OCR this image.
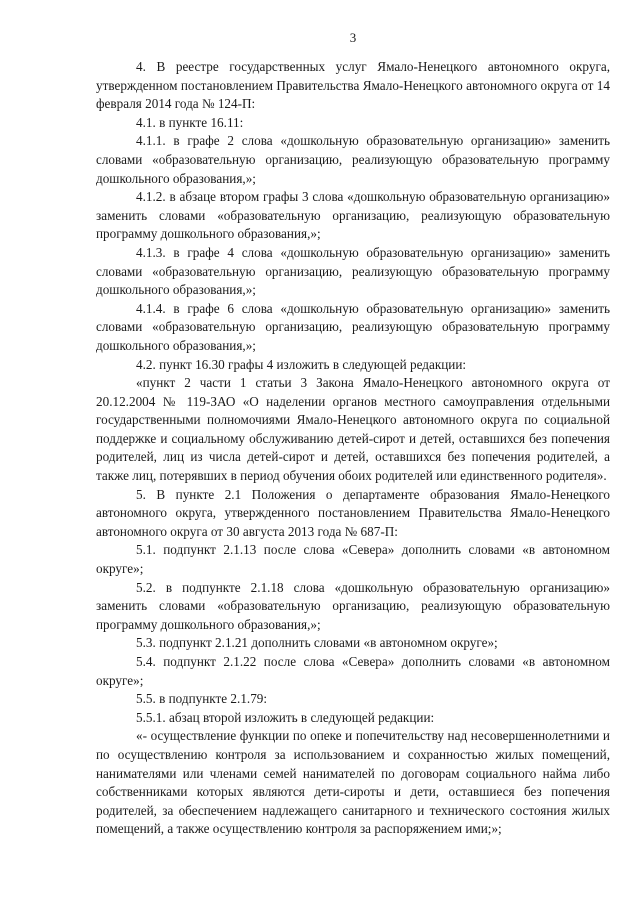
3

4. В реестре государственных услуг Ямало-Ненецкого автономного округа, утвержденном постановлением Правительства Ямало-Ненецкого автономного округа от 14 февраля 2014 года № 124-П:

4.1. в пункте 16.11:

4.1.1. в графе 2 слова «дошкольную образовательную организацию» заменить словами «образовательную организацию, реализующую образовательную программу дошкольного образования,»;

4.1.2. в абзаце втором графы 3 слова «дошкольную образовательную организацию» заменить словами «образовательную организацию, реализующую образовательную программу дошкольного образования,»;

4.1.3. в графе 4 слова «дошкольную образовательную организацию» заменить словами «образовательную организацию, реализующую образовательную программу дошкольного образования,»;

4.1.4. в графе 6 слова «дошкольную образовательную организацию» заменить словами «образовательную организацию, реализующую образовательную программу дошкольного образования,»;

4.2. пункт 16.30 графы 4 изложить в следующей редакции:

«пункт 2 части 1 статьи 3 Закона Ямало-Ненецкого автономного округа от 20.12.2004 № 119-ЗАО «О наделении органов местного самоуправления отдельными государственными полномочиями Ямало-Ненецкого автономного округа по социальной поддержке и социальному обслуживанию детей-сирот и детей, оставшихся без попечения родителей, лиц из числа детей-сирот и детей, оставшихся без попечения родителей, а также лиц, потерявших в период обучения обоих родителей или единственного родителя».

5. В пункте 2.1 Положения о департаменте образования Ямало-Ненецкого автономного округа, утвержденного постановлением Правительства Ямало-Ненецкого автономного округа от 30 августа 2013 года № 687-П:

5.1. подпункт 2.1.13 после слова «Севера» дополнить словами «в автономном округе»;

5.2. в подпункте 2.1.18 слова «дошкольную образовательную организацию» заменить словами «образовательную организацию, реализующую образовательную программу дошкольного образования,»;

5.3. подпункт 2.1.21 дополнить словами «в автономном округе»;

5.4. подпункт 2.1.22 после слова «Севера» дополнить словами «в автономном округе»;

5.5. в подпункте 2.1.79:

5.5.1. абзац второй изложить в следующей редакции:

«- осуществление функции по опеке и попечительству над несовершеннолетними и по осуществлению контроля за использованием и сохранностью жилых помещений, нанимателями или членами семей нанимателей по договорам социального найма либо собственниками которых являются дети-сироты и дети, оставшиеся без попечения родителей, за обеспечением надлежащего санитарного и технического состояния жилых помещений, а также осуществлению контроля за распоряжением ими;»;
